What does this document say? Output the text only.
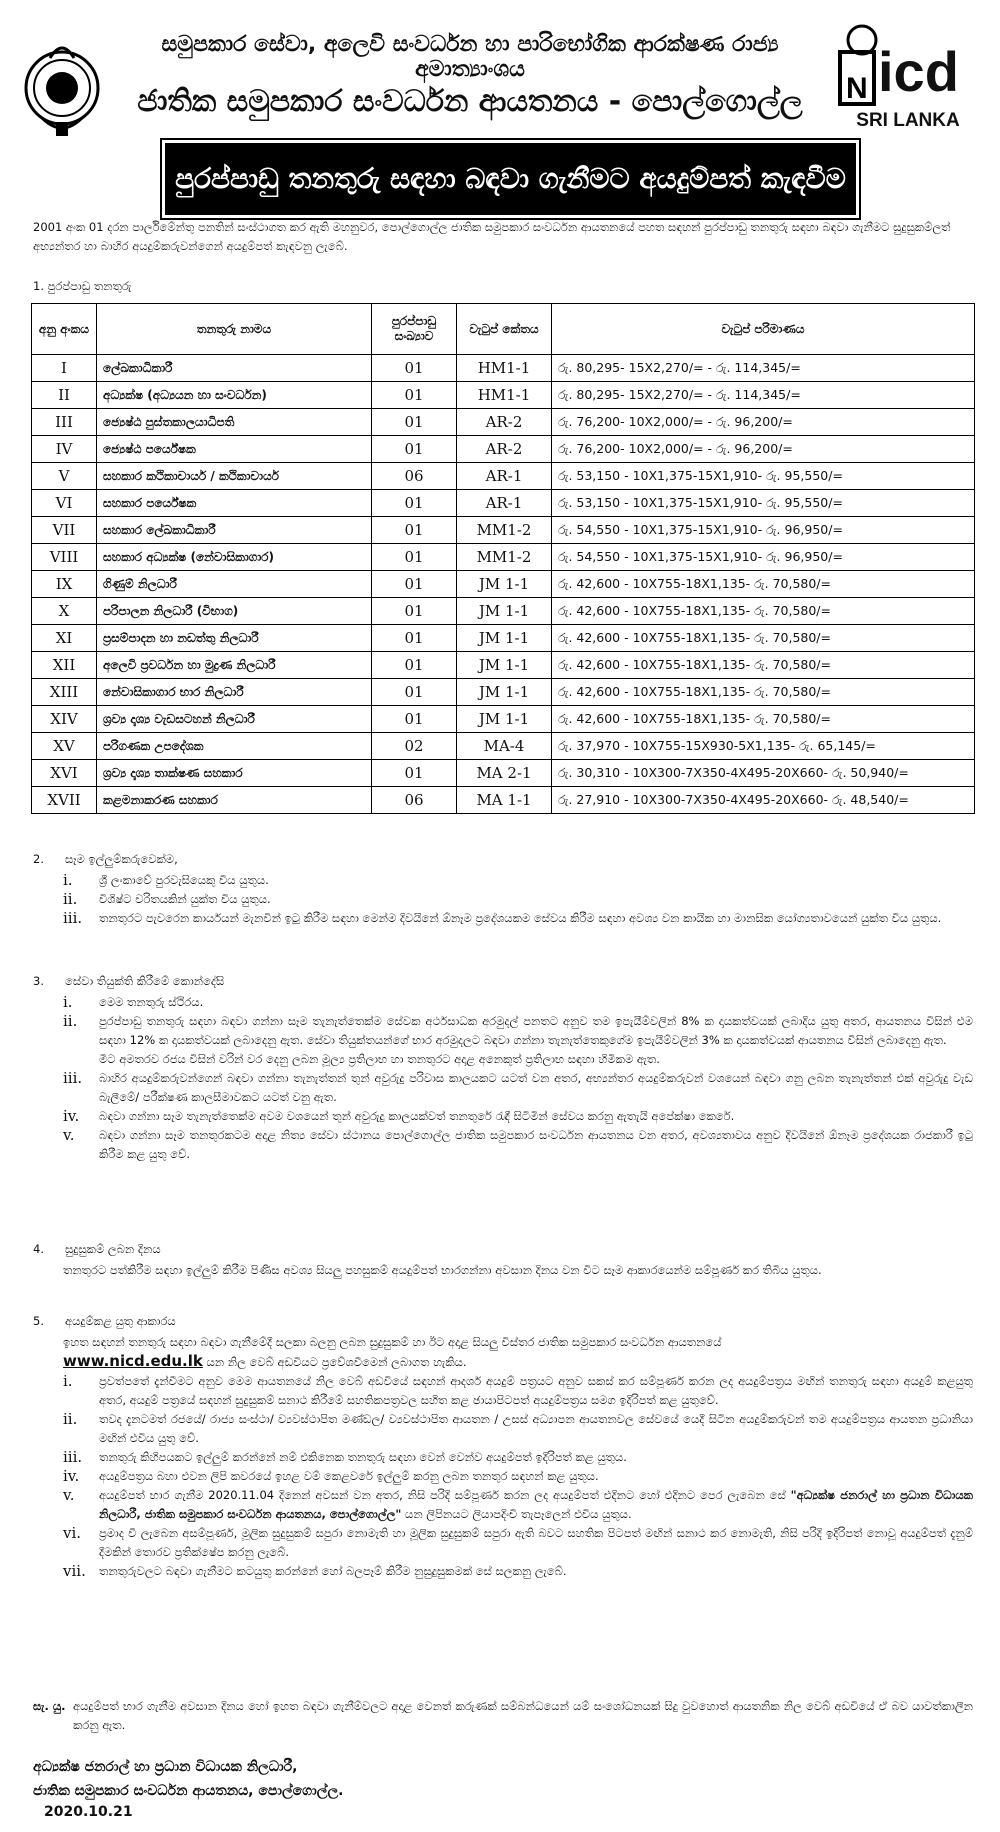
සමුපකාර සේවා, අලෙවි සංවර්ධන හා පාරිභෝගික ආරක්ෂණ රාජ්‍ය අමාත්‍යාංශය
ජාතික සමුපකාර සංවර්ධන ආයතනය - පොල්ගොල්ල	N icd
SRI LANKA
පුරප්පාඩු තනතුරු සඳහා බඳවා ගැනීමට අයදුම්පත් කැඳවීම
2001 අංක 01 දරන පාර්ලිමේන්තු පනතින් සංස්ථාගත කර ඇති මහනුවර, පොල්ගොල්ල ජාතික සමුපකාර සංවර්ධන ආයතනයේ පහත සඳහන් පුරප්පාඩු තනතුරු සඳහා බඳවා ගැනීමට සුදුසුකම්ලත් අභ්‍යන්තර හා බාහිර අයදුම්කරුවන්ගෙන් අයදුම්පත් කැඳවනු ලැබේ.
1. පුරප්පාඩු තනතුරු
අනු අංකය	තනතුරු නාමය	පුරප්පාඩු සංඛ්‍යාව	වැටුප් කේතය	වැටුප් පරිමාණය
I	ලේඛකාධිකාරී	01	HM1-1	රු. 80,295- 15X2,270/= - රු. 114,345/=
II	අධ්‍යක්ෂ (අධ්‍යයන හා සංවර්ධන)	01	HM1-1	රු. 80,295- 15X2,270/= - රු. 114,345/=
III	ජ්‍යෙෂ්ඨ පුස්තකාලයාධිපති	01	AR-2	රු. 76,200- 10X2,000/= - රු. 96,200/=
IV	ජ්‍යෙෂ්ඨ පර්යේෂක	01	AR-2	රු. 76,200- 10X2,000/= - රු. 96,200/=
V	සහකාර කථිකාචාර්ය / කථිකාචාර්ය	06	AR-1	රු. 53,150 - 10X1,375-15X1,910- රු. 95,550/=
VI	සහකාර පර්යේෂක	01	AR-1	රු. 53,150 - 10X1,375-15X1,910- රු. 95,550/=
VII	සහකාර ලේඛකාධිකාරී	01	MM1-2	රු. 54,550 - 10X1,375-15X1,910- රු. 96,950/=
VIII	සහකාර අධ්‍යක්ෂ (නේවාසිකාගාර)	01	MM1-2	රු. 54,550 - 10X1,375-15X1,910- රු. 96,950/=
IX	ගිණුම් නිලධාරී	01	JM 1-1	රු. 42,600 - 10X755-18X1,135- රු. 70,580/=
X	පරිපාලන නිලධාරී (විභාග)	01	JM 1-1	රු. 42,600 - 10X755-18X1,135- රු. 70,580/=
XI	ප්‍රසම්පාදන හා නඩත්තු නිලධාරී	01	JM 1-1	රු. 42,600 - 10X755-18X1,135- රු. 70,580/=
XII	අලෙවි ප්‍රවර්ධන හා මුද්‍රණ නිලධාරී	01	JM 1-1	රු. 42,600 - 10X755-18X1,135- රු. 70,580/=
XIII	නේවාසිකාගාර භාර නිලධාරී	01	JM 1-1	රු. 42,600 - 10X755-18X1,135- රු. 70,580/=
XIV	ශ්‍රව්‍ය දෘශ්‍ය වැඩසටහන් නිලධාරී	01	JM 1-1	රු. 42,600 - 10X755-18X1,135- රු. 70,580/=
XV	පරිගණක උපදේශක	02	MA-4	රු. 37,970 - 10X755-15X930-5X1,135- රු. 65,145/=
XVI	ශ්‍රව්‍ය දෘශ්‍ය තාක්ෂණ සහකාර	01	MA 2-1	රු. 30,310 - 10X300-7X350-4X495-20X660- රු. 50,940/=
XVII	කළමනාකරණ සහකාර	06	MA 1-1	රු. 27,910 - 10X300-7X350-4X495-20X660- රු. 48,540/=
2. සෑම ඉල්ලුම්කරුවෙක්ම,
i.	ශ්‍රී ලංකාවේ පුරවැසියෙකු විය යුතුය.
ii.	විශිෂ්ට චරිතයකින් යුක්ත විය යුතුය.
iii.	තනතුරට පැවරෙන කාර්යයන් මැනවින් ඉටු කිරීම සඳහා මෙන්ම දිවයිනේ ඕනෑම ප්‍රදේශයකම සේවය කිරීම සඳහා අවශ්‍ය වන කායික හා මානසික යෝග්‍යතාවයෙන් යුක්ත විය යුතුය.
3. සේවා තියුක්ති කිරීමේ කොන්දේසි
i.	මෙම තනතුරු ස්ථිරය.
ii.	පුරප්පාඩු තනතුරු සඳහා බඳවා ගන්නා සෑම තැනැත්තෙක්ම සේවක අර්ථසාධක අරමුදල් පනතට අනුව තම ඉපැයීම්වලින් 8% ක දායකත්වයක් ලබාදිය යුතු අතර, ආයතනය විසින් එම සඳහා 12% ක දායකත්වයක් ලබාදෙනු ඇත. සේවා තියුක්තයන්ගේ භාර අරමුදලට බඳවා ගන්නා තැනැත්තෙකුගේම ඉපැයීම්වලින් 3% ක දායකත්වයක් ආයතනය විසින් ලබාදෙනු ඇත.
මීට අමතරව රජය විසින් වරින් වර දෙනු ලබන මූල්‍ය ප්‍රතිලාභ හා තනතුරට අදාළ අනෙකුත් ප්‍රතිලාභ සඳහා හිමිකම ඇත.
iii.	බාහිර අයදුම්කරුවන්ගෙන් බඳවා ගන්නා තැනැත්තන් තුන් අවුරුදු පරිවාස කාලයකට යටත් වන අතර, අභ්‍යන්තර අයදුම්කරුවන් වශයෙන් බඳවා ගනු ලබන තැනැත්තන් එක් අවුරුදු වැඩ බැලීමේ/ පරීක්ෂණ කාලසීමාවකට යටත් වනු ඇත.
iv.	බඳවා ගන්නා සෑම තැනැත්තෙක්ම අවම වශයෙන් තුන් අවුරුදු කාලයක්වත් තනතුරේ රැඳී සිටිමින් සේවය කරනු ඇතැයි අපේක්ෂා කෙරේ.
v.	බඳවා ගන්නා සෑම තනතුරකටම අදාළ නිත්‍ය සේවා ස්ථානය පොල්ගොල්ල ජාතික සමුපකාර සංවර්ධන ආයතනය වන අතර, අවශ්‍යතාවය අනුව දිවයිනේ ඕනෑම ප්‍රදේශයක රාජකාරී ඉටු කිරීම කළ යුතු වේ.
4. සුදුසුකම් ලබන දිනය
තනතුරට පත්කිරීම සඳහා ඉල්ලුම් කිරීම පිණිස අවශ්‍ය සියලු පහසුකම් අයදුම්පත් භාරගන්නා අවසාන දිනය වන විට සෑම ආකාරයෙන්ම සම්පූර්ණ කර තිබිය යුතුය.
5. අයදුම්කළ යුතු ආකාරය
ඉහත සඳහන් තනතුරු සඳහා බඳවා ගැනීමේදී සලකා බලනු ලබන සුදුසුකම් හා ඊට අදාළ සියලු විස්තර ජාතික සමුපකාර සංවර්ධන ආයතනයේ
www.nicd.edu.lk යන නිල වෙබ් අඩවියට ප්‍රවේශවීමෙන් ලබාගත හැකිය.
i.	ප්‍රවත්පතේ දැන්වීමට අනුව මෙම ආයතනයේ නිල වෙබ් අඩවියේ සඳහන් ආදර්ශ අයදුම් පත්‍රයට අනුව සකස් කර සම්පූර්ණ කරන ලද අයදුම්පත්‍රය මඟින් තනතුරු සඳහා අයදුම් කළයුතු අතර, අයදුම් පත්‍රයේ සඳහන් සුදුසුකම් සනාථ කිරීමේ සහතිකපත්‍රවල සහිත කළ ඡායාපිටපත් අයදුම්පත්‍රය සමග ඉදිරිපත් කළ යුතුවේ.
ii.	තවද දැනටමත් රජයේ/ රාජ්‍ය සංස්ථා/ ව්‍යවස්ථාපිත මණ්ඩල/ ව්‍යවස්ථාපිත ආයතන / උසස් අධ්‍යාපන ආයතනවල සේවයේ යෙදී සිටින අයදුම්කරුවන් තම අයදුම්පත්‍රය ආයතන ප්‍රධානියා මඟින් එවිය යුතු වේ.
iii.	තනතුරු කිහිපයකට ඉල්ලුම් කරන්නේ නම් එකිනෙක තනතුරු සඳහා වෙන් වෙන්ව අයදුම්පත් ඉදිරිපත් කළ යුතුය.
iv.	අයදුම්පත්‍රය බහා එවන ලිපි කවරයේ ඉහළ වම් කෙළවරේ ඉල්ලුම් කරනු ලබන තනතුර සඳහන් කළ යුතුය.
v.	අයදුම්පත් භාර ගැනීම 2020.11.04 දිනෙන් අවසන් වන අතර, නිසි පරිදි සම්පූර්ණ කරන ලද අයදුම්පත් එදිනට හෝ එදිනට පෙර ලැබෙන සේ "අධ්‍යක්ෂ ජනරාල් හා ප්‍රධාන විධායක නිලධාරී, ජාතික සමුපකාර සංවර්ධන ආයතනය, පොල්ගොල්ල" යන ලිපිනයට ලියාපදිංචි තැපෑලෙන් එවිය යුතුය.
vi.	ප්‍රමාද වී ලැබෙන අසම්පූර්ණ, මූලික සුදුසුකම් සපුරා නොමැති හා මූලික සුදුසුකම් සපුරා ඇති බවට සහතික පිටපත් මඟින් සනාථ කර නොමැති, නිසි පරිදි ඉදිරිපත් නොවූ අයදුම්පත් දැනුම් දීමකින් තොරව ප්‍රතික්ෂේප කරනු ලැබේ.
vii.	තනතුරුවලට බඳවා ගැනීමට කටයුතු කරන්නේ හෝ බලපෑම් කිරීම නුසුදුසුකමක් සේ සලකනු ලැබේ.
සැ. යු. අයදුම්පත් භාර ගැනීම අවසාන දිනය හෝ ඉහත බඳවා ගැනීම්වලට අදාළ වෙනත් කරුණක් සම්බන්ධයෙන් යම් සංශෝධනයක් සිදු වුවහොත් ආයතනික නිල වෙබ් අඩවියේ ඒ බව යාවත්කාලීන කරනු ඇත.
අධ්‍යක්ෂ ජනරාල් හා ප්‍රධාන විධායක නිලධාරී,
ජාතික සමුපකාර සංවර්ධන ආයතනය, පොල්ගොල්ල.
2020.10.21
